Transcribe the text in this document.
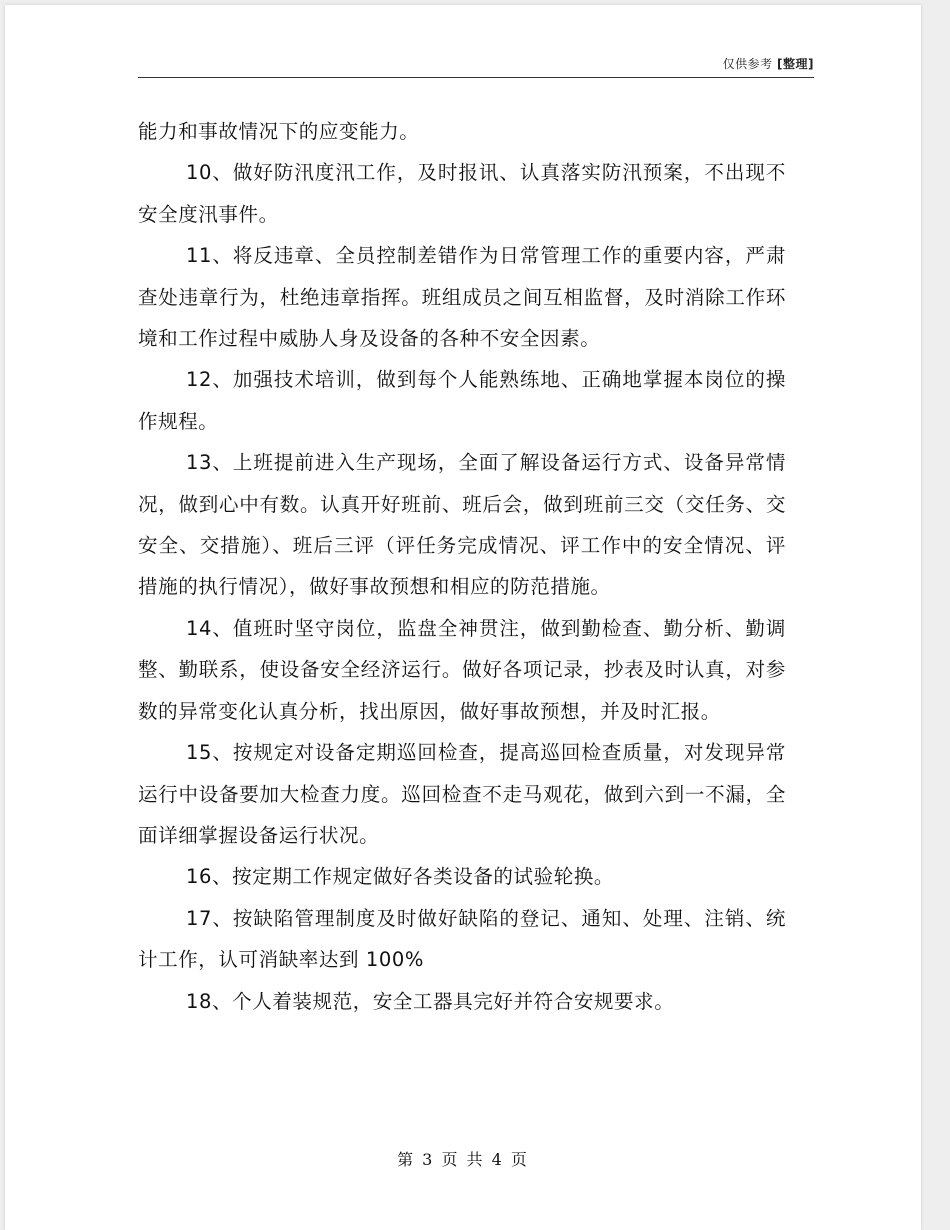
仅供参考 [整理]

能力和事故情况下的应变能力。

10、做好防汛度汛工作，及时报讯、认真落实防汛预案，不出现不安全度汛事件。

11、将反违章、全员控制差错作为日常管理工作的重要内容，严肃查处违章行为，杜绝违章指挥。班组成员之间互相监督，及时消除工作环境和工作过程中威胁人身及设备的各种不安全因素。

12、加强技术培训，做到每个人能熟练地、正确地掌握本岗位的操作规程。

13、上班提前进入生产现场，全面了解设备运行方式、设备异常情况，做到心中有数。认真开好班前、班后会，做到班前三交（交任务、交安全、交措施）、班后三评（评任务完成情况、评工作中的安全情况、评措施的执行情况），做好事故预想和相应的防范措施。

14、值班时坚守岗位，监盘全神贯注，做到勤检查、勤分析、勤调整、勤联系，使设备安全经济运行。做好各项记录，抄表及时认真，对参数的异常变化认真分析，找出原因，做好事故预想，并及时汇报。

15、按规定对设备定期巡回检查，提高巡回检查质量，对发现异常运行中设备要加大检查力度。巡回检查不走马观花，做到六到一不漏，全面详细掌握设备运行状况。

16、按定期工作规定做好各类设备的试验轮换。

17、按缺陷管理制度及时做好缺陷的登记、通知、处理、注销、统计工作，认可消缺率达到 100%

18、个人着装规范，安全工器具完好并符合安规要求。

第 3 页 共 4 页
